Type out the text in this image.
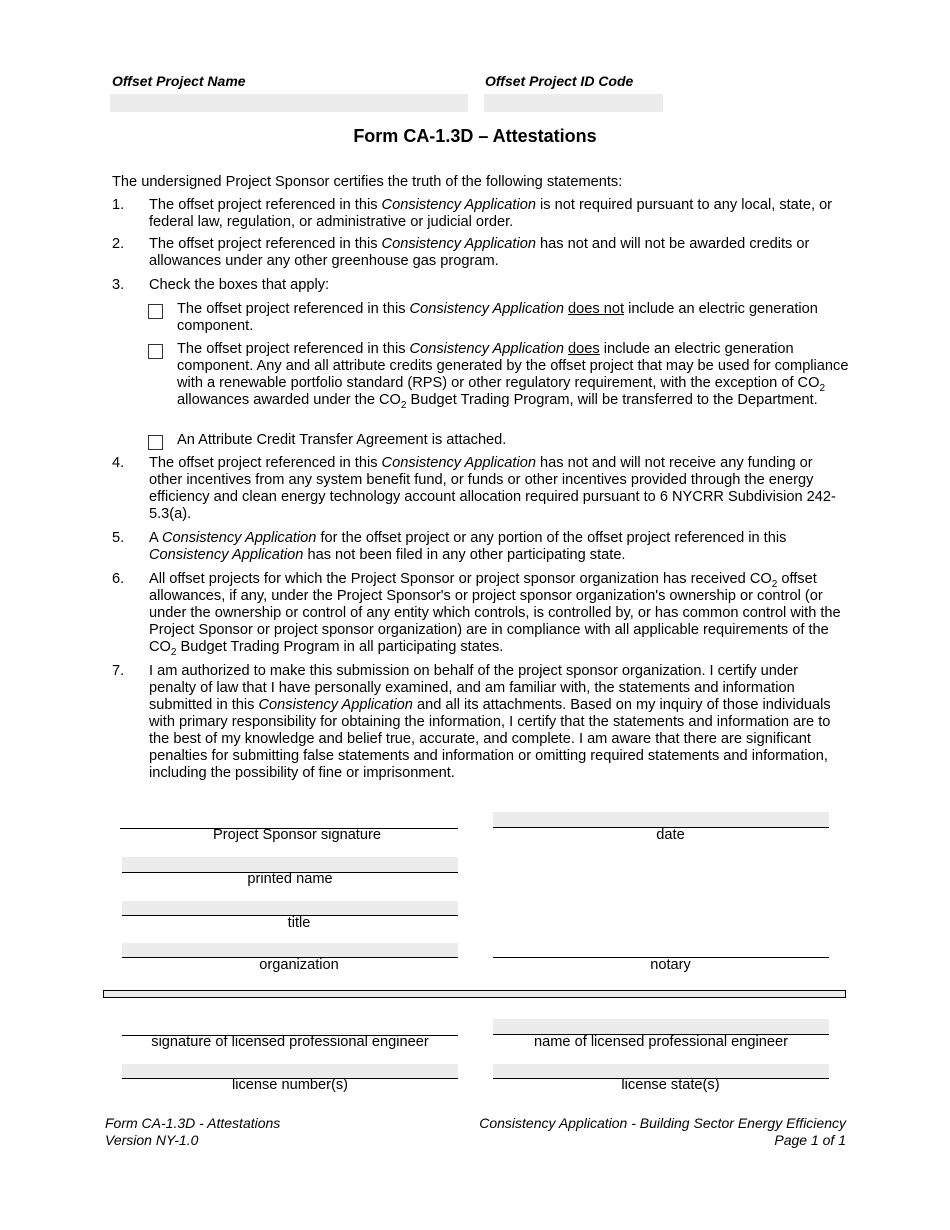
Offset Project Name	Offset Project ID Code
Form CA-1.3D – Attestations
The undersigned Project Sponsor certifies the truth of the following statements:
1. The offset project referenced in this Consistency Application is not required pursuant to any local, state, or federal law, regulation, or administrative or judicial order.
2. The offset project referenced in this Consistency Application has not and will not be awarded credits or allowances under any other greenhouse gas program.
3. Check the boxes that apply:
The offset project referenced in this Consistency Application does not include an electric generation component.
The offset project referenced in this Consistency Application does include an electric generation component. Any and all attribute credits generated by the offset project that may be used for compliance with a renewable portfolio standard (RPS) or other regulatory requirement, with the exception of $CO_2$ allowances awarded under the $CO_2$ Budget Trading Program, will be transferred to the Department.
An Attribute Credit Transfer Agreement is attached.
4. The offset project referenced in this Consistency Application has not and will not receive any funding or other incentives from any system benefit fund, or funds or other incentives provided through the energy efficiency and clean energy technology account allocation required pursuant to 6 NYCRR Subdivision 242-5.3(a).
5. A Consistency Application for the offset project or any portion of the offset project referenced in this Consistency Application has not been filed in any other participating state.
6. All offset projects for which the Project Sponsor or project sponsor organization has received $CO_2$ offset allowances, if any, under the Project Sponsor's or project sponsor organization's ownership or control (or under the ownership or control of any entity which controls, is controlled by, or has common control with the Project Sponsor or project sponsor organization) are in compliance with all applicable requirements of the $CO_2$ Budget Trading Program in all participating states.
7. I am authorized to make this submission on behalf of the project sponsor organization. I certify under penalty of law that I have personally examined, and am familiar with, the statements and information submitted in this Consistency Application and all its attachments. Based on my inquiry of those individuals with primary responsibility for obtaining the information, I certify that the statements and information are to the best of my knowledge and belief true, accurate, and complete. I am aware that there are significant penalties for submitting false statements and information or omitting required statements and information, including the possibility of fine or imprisonment.
Project Sponsor signature	date
printed name
title
organization	notary
signature of licensed professional engineer	name of licensed professional engineer
license number(s)	license state(s)
Form CA-1.3D - Attestations
Version NY-1.0
Consistency Application - Building Sector Energy Efficiency
Page 1 of 1
